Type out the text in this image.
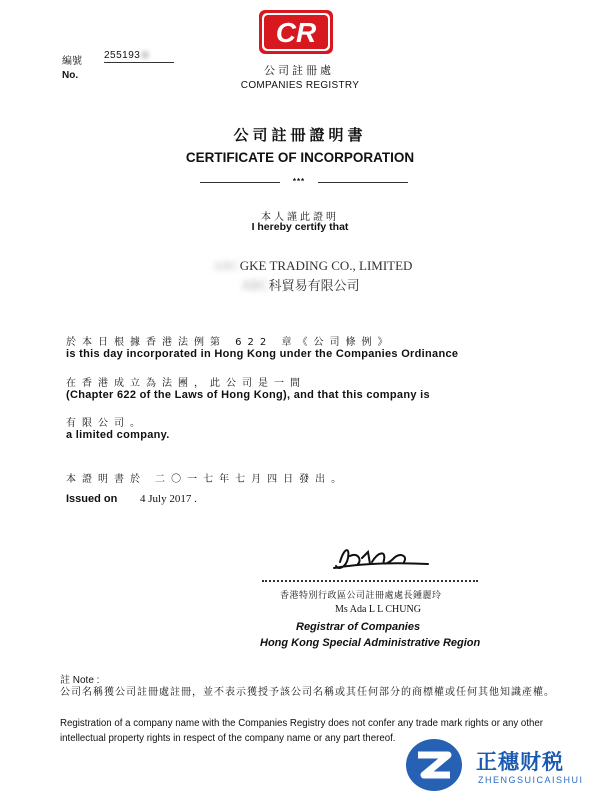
CR
公司註冊處
COMPANIES REGISTRY
編號
No.
255193
公司註冊證明書
CERTIFICATE OF INCORPORATION
***
本人謹此證明
I hereby certify that
ABCGKE TRADING CO., LIMITED
ABC科貿易有限公司
於本日根據香港法例第 622 章《公司條例》
is this day incorporated in Hong Kong under the Companies Ordinance
在香港成立為法團，此公司是一間
(Chapter 622 of the Laws of Hong Kong), and that this company is
有限公司。
a limited company.
本證明書於 二〇一七年七月四日發出。
Issued on 4 July 2017 .
香港特別行政區公司註冊處處長鍾麗玲
Ms Ada L L CHUNG
Registrar of Companies
Hong Kong Special Administrative Region
註 Note :
公司名稱獲公司註冊處註冊，並不表示獲授予該公司名稱或其任何部分的商標權或任何其他知識產權。
Registration of a company name with the Companies Registry does not confer any trade mark rights or any other intellectual property rights in respect of the company name or any part thereof.
正穗财税
ZHENGSUICAISHUI
